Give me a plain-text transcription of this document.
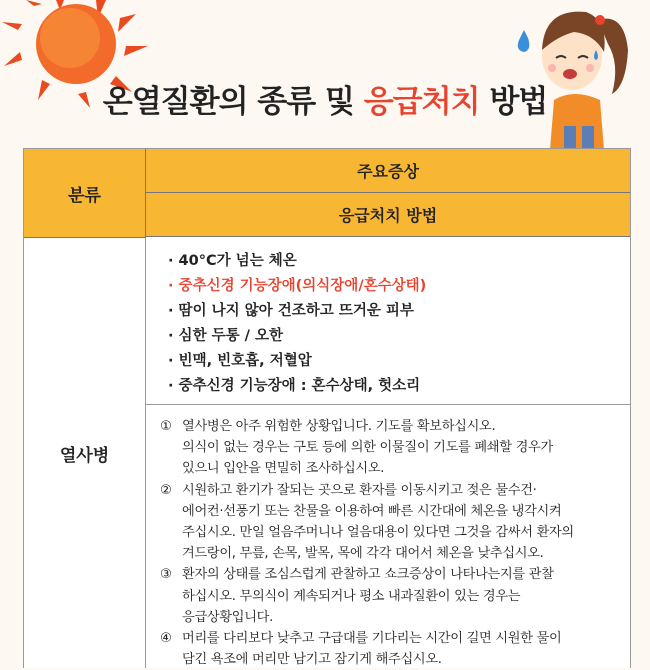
온열질환의 종류 및 응급처치 방법
분류
주요증상
응급처치 방법
열사병
· 40°C가 넘는 체온
· 중추신경 기능장애(의식장애/혼수상태)
· 땀이 나지 않아 건조하고 뜨거운 피부
· 심한 두통 / 오한
· 빈맥, 빈호흡, 저혈압
· 중추신경 기능장애 : 혼수상태, 헛소리
① 열사병은 아주 위험한 상황입니다. 기도를 확보하십시오.
의식이 없는 경우는 구토 등에 의한 이물질이 기도를 폐쇄할 경우가
있으니 입안을 면밀히 조사하십시오.
② 시원하고 환기가 잘되는 곳으로 환자를 이동시키고 젖은 물수건·
에어컨·선풍기 또는 찬물을 이용하여 빠른 시간대에 체온을 냉각시켜
주십시오. 만일 얼음주머니나 얼음대용이 있다면 그것을 감싸서 환자의
겨드랑이, 무릎, 손목, 발목, 목에 각각 대어서 체온을 낮추십시오.
③ 환자의 상태를 조심스럽게 관찰하고 쇼크증상이 나타나는지를 관찰
하십시오. 무의식이 계속되거나 평소 내과질환이 있는 경우는
응급상황입니다.
④ 머리를 다리보다 낮추고 구급대를 기다리는 시간이 길면 시원한 물이
담긴 욕조에 머리만 남기고 잠기게 해주십시오.
